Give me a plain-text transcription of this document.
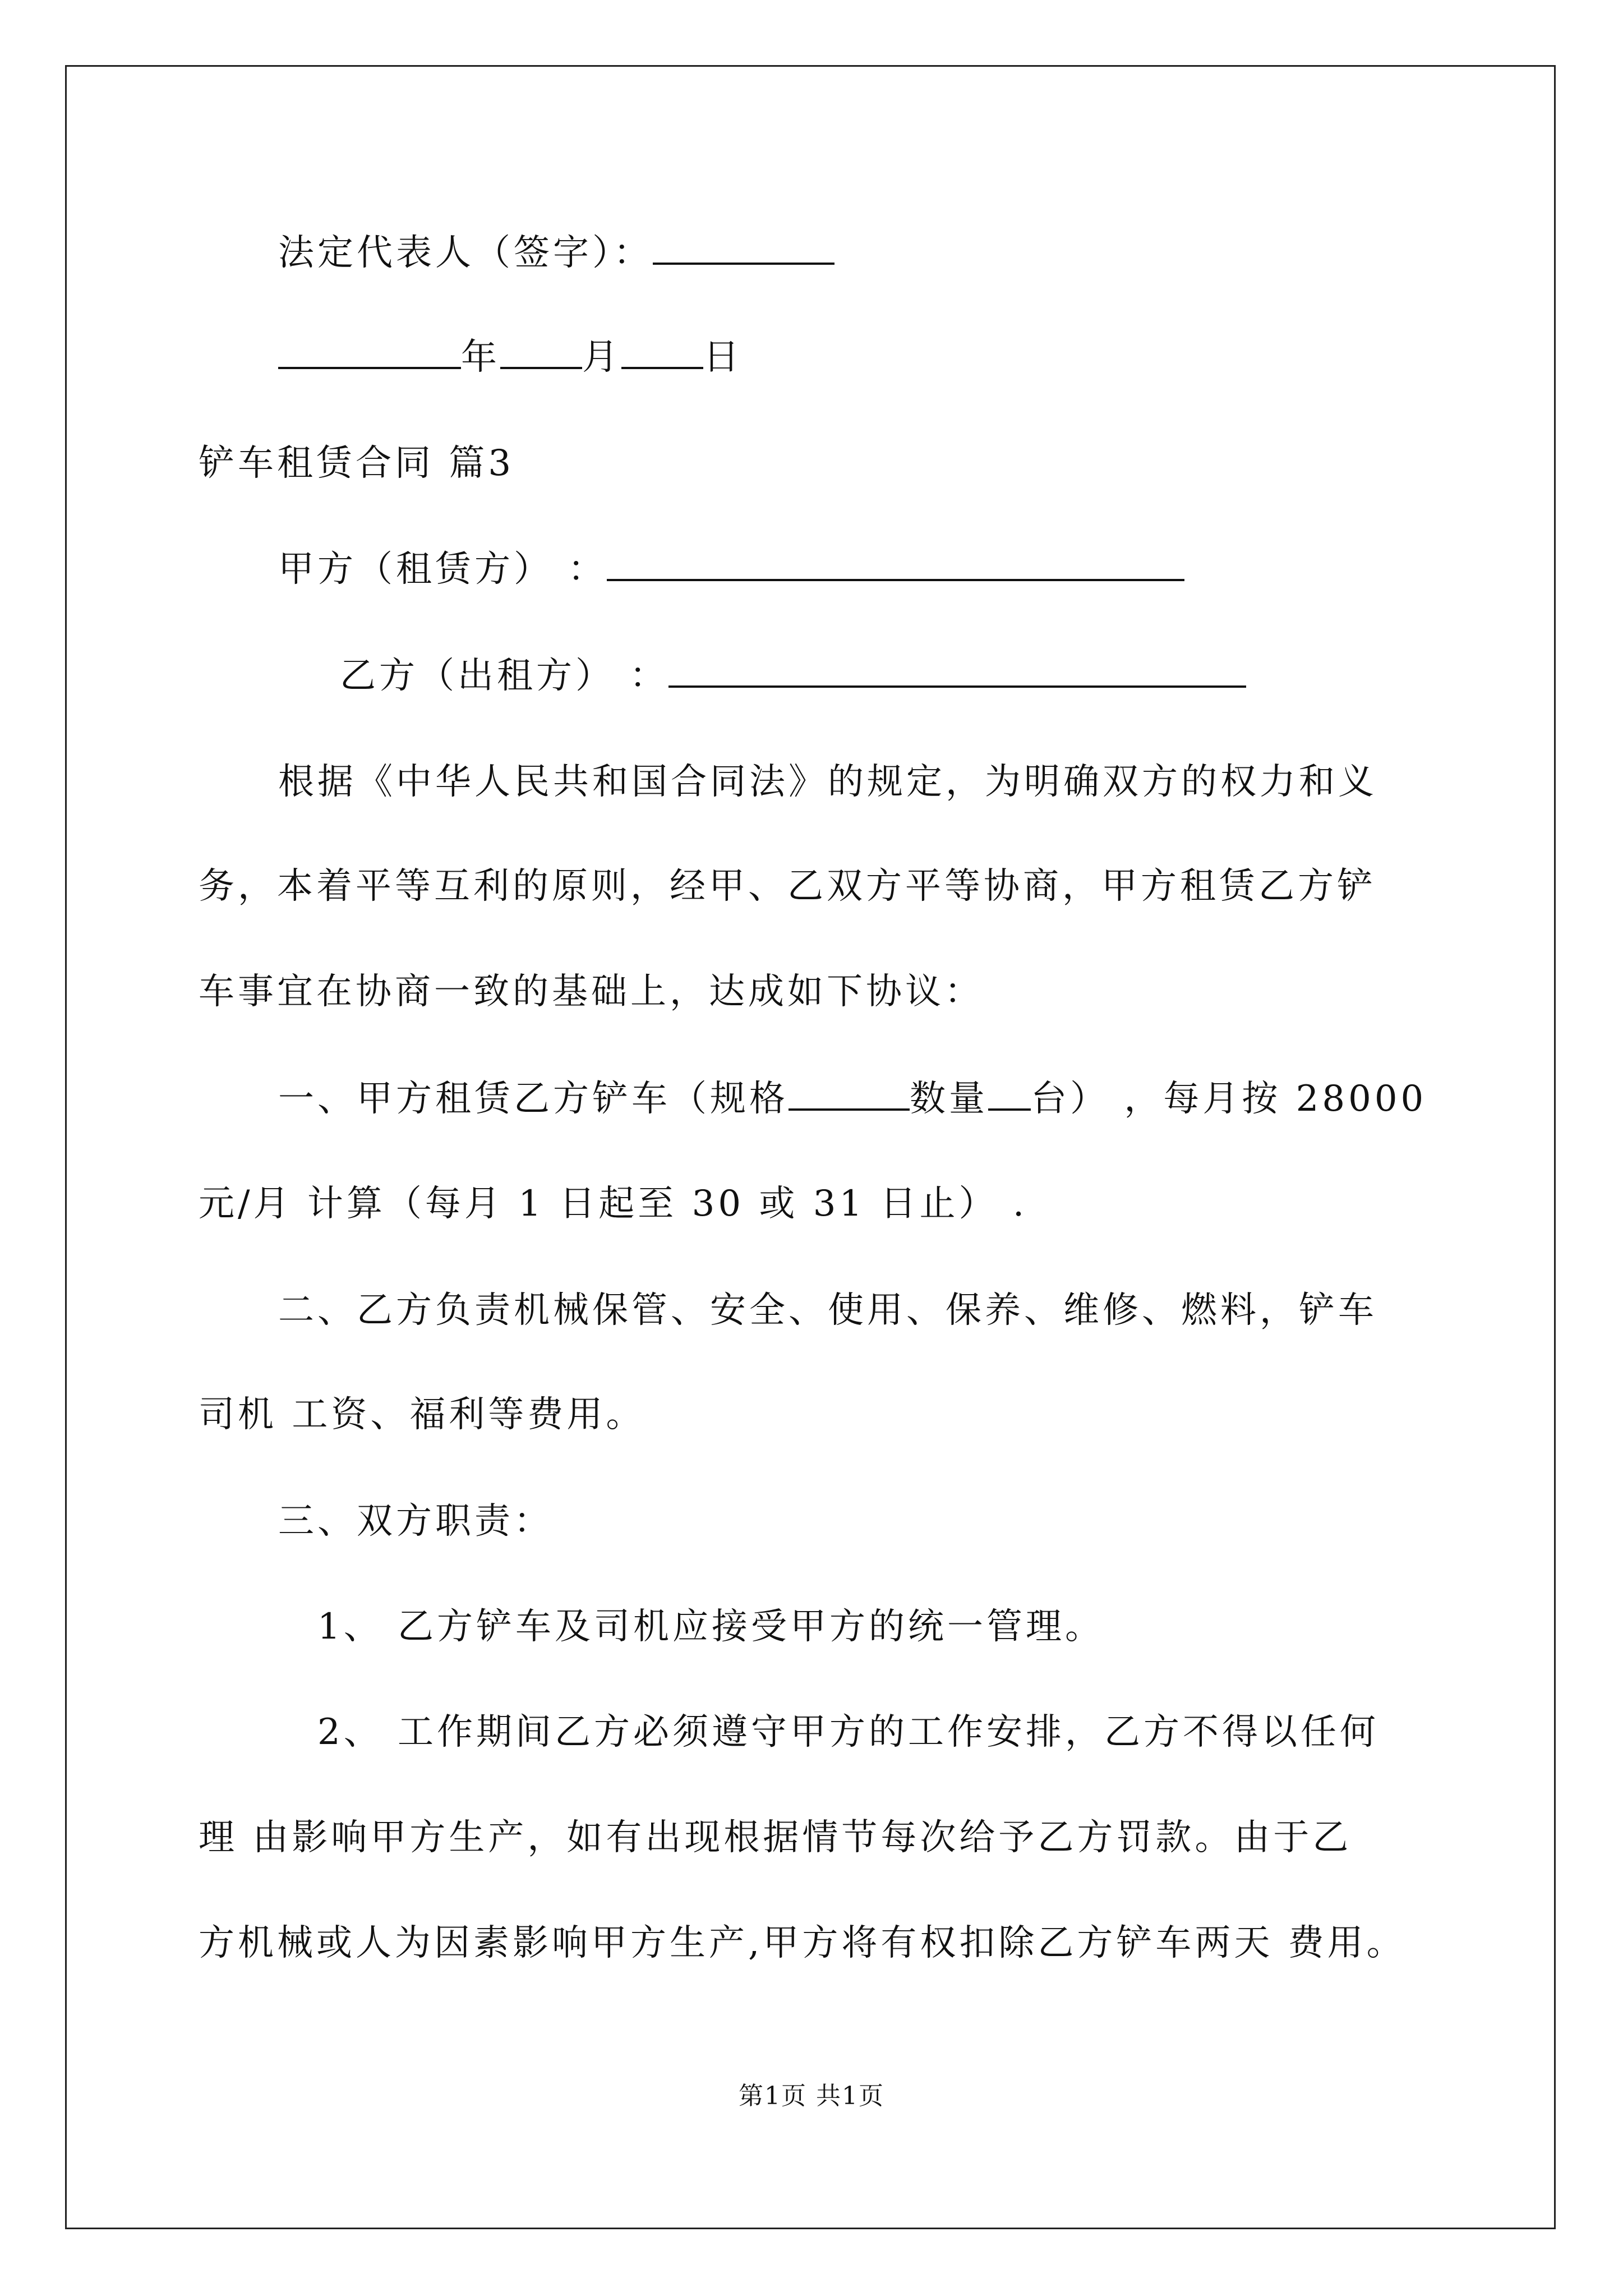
法定代表人（签字）：
年 月 日
铲车租赁合同 篇3
甲方（租赁方） ：
乙方（出租方） ：
根据《中华人民共和国合同法》的规定，为明确双方的权力和义
务，本着平等互利的原则，经甲、乙双方平等协商，甲方租赁乙方铲
车事宜在协商一致的基础上，达成如下协议：
一、甲方租赁乙方铲车（规格	数量 台） ，每月按 28000
元/月 计算（每月 1 日起至 30 或 31 日止） .
二、乙方负责机械保管、安全、使用、保养、维修、燃料，铲车
司机 工资、福利等费用。
三、双方职责：
1、 乙方铲车及司机应接受甲方的统一管理。
2、 工作期间乙方必须遵守甲方的工作安排，乙方不得以任何
理 由影响甲方生产，如有出现根据情节每次给予乙方罚款。由于乙
方机械或人为因素影响甲方生产,甲方将有权扣除乙方铲车两天 费用。
第1页 共1页
